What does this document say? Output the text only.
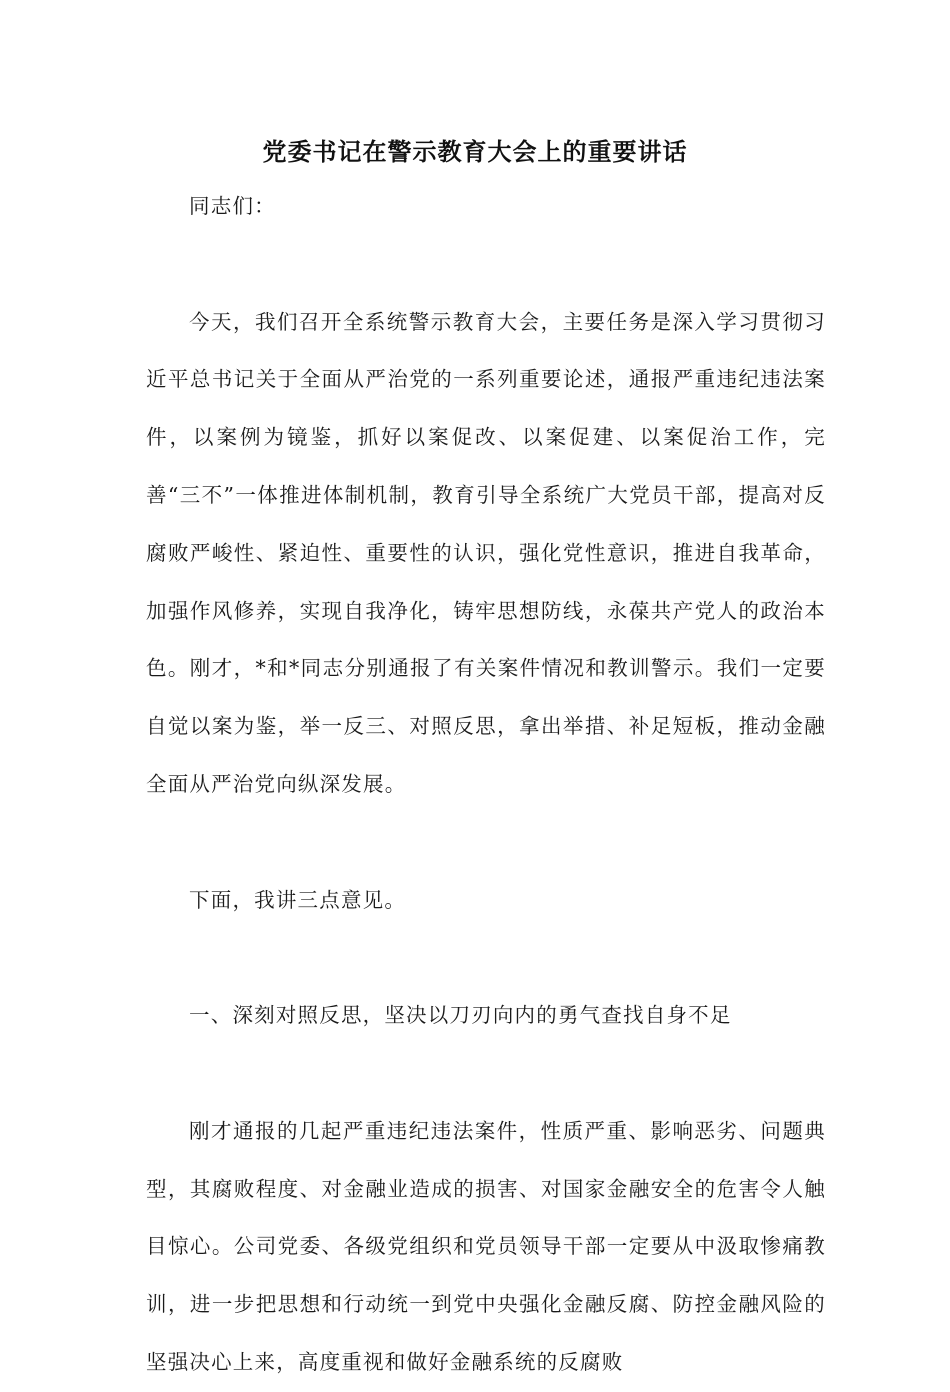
党委书记在警示教育大会上的重要讲话

同志们：

今天，我们召开全系统警示教育大会，主要任务是深入学习贯彻习近平总书记关于全面从严治党的一系列重要论述，通报严重违纪违法案件，以案例为镜鉴，抓好以案促改、以案促建、以案促治工作，完善“三不”一体推进体制机制，教育引导全系统广大党员干部，提高对反腐败严峻性、紧迫性、重要性的认识，强化党性意识，推进自我革命，加强作风修养，实现自我净化，铸牢思想防线，永葆共产党人的政治本色。刚才，*和*同志分别通报了有关案件情况和教训警示。我们一定要自觉以案为鉴，举一反三、对照反思，拿出举措、补足短板，推动金融全面从严治党向纵深发展。

下面，我讲三点意见。

一、深刻对照反思，坚决以刀刃向内的勇气查找自身不足

刚才通报的几起严重违纪违法案件，性质严重、影响恶劣、问题典型，其腐败程度、对金融业造成的损害、对国家金融安全的危害令人触目惊心。公司党委、各级党组织和党员领导干部一定要从中汲取惨痛教训，进一步把思想和行动统一到党中央强化金融反腐、防控金融风险的坚强决心上来，高度重视和做好金融系统的反腐败
